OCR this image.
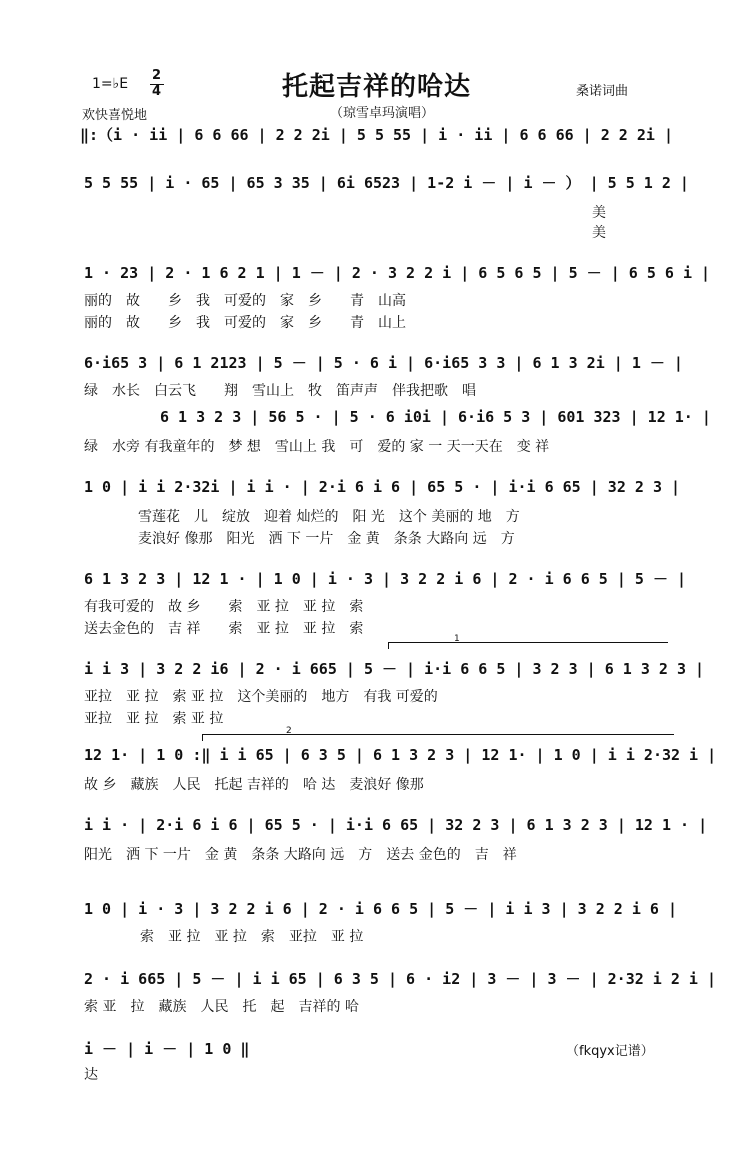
1=♭E
2
4	托起吉祥的哈达
（琼雪卓玛演唱）
桑诺词曲
欢快喜悦地
‖:（i · ii | 6 6 66 | 2 2 2i | 5 5 55 | i · ii | 6 6 66 | 2 2 2i |
5 5 55 | i · 65 | 65 3 35 | 6i 6523 | 1-2 i － | i － ） | 5 5 1 2 |
美
美
1 · 23 | 2 · 1 6 2 1 | 1 － | 2 · 3 2 2 i | 6 5 6 5 | 5 － | 6 5 6 i |
丽的　故　　乡　我　可爱的　家　乡　　青　山高
丽的　故　　乡　我　可爱的　家　乡　　青　山上
6·i65 3 | 6 1 2123 | 5 － | 5 · 6 i | 6·i65 3 3 | 6 1 3 2i | 1 － |
绿　水长　白云飞　　翔　雪山上　牧　笛声声　伴我把歌　唱
6 1 3 2 3 | 56 5 · | 5 · 6 i0i | 6·i6 5 3 | 601 323 | 12 1· |
绿　水旁 有我童年的　梦 想　雪山上 我　可　爱的 家 一 天一天在　变 祥
1 0 | i i 2·32i | i i · | 2·i 6 i 6 | 65 5 · | i·i 6 65 | 32 2 3 |
雪莲花　儿　绽放　迎着 灿烂的　阳 光　这个 美丽的 地　方
麦浪好 像那　阳光　洒 下 一片　金 黄　条条 大路向 远　方
6 1 3 2 3 | 12 1 · | 1 0 | i · 3 | 3 2 2 i 6 | 2 · i 6 6 5 | 5 － |
有我可爱的　故 乡　　索　亚 拉　亚 拉　索
送去金色的　吉 祥　　索　亚 拉　亚 拉　索
1
i i 3 | 3 2 2 i6 | 2 · i 665 | 5 － | i·i 6 6 5 | 3 2 3 | 6 1 3 2 3 |
亚拉　亚 拉　索 亚 拉　这个美丽的　地方　有我 可爱的
亚拉　亚 拉　索 亚 拉
2
12 1· | 1 0 :‖ i i 65 | 6 3 5 | 6 1 3 2 3 | 12 1· | 1 0 | i i 2·32 i |
故 乡　藏族　人民　托起 吉祥的　哈 达　麦浪好 像那
i i · | 2·i 6 i 6 | 65 5 · | i·i 6 65 | 32 2 3 | 6 1 3 2 3 | 12 1 · |
阳光　洒 下 一片　金 黄　条条 大路向 远　方　送去 金色的　吉　祥
1 0 | i · 3 | 3 2 2 i 6 | 2 · i 6 6 5 | 5 － | i i 3 | 3 2 2 i 6 |
索　亚 拉　亚 拉　索　亚拉　亚 拉
2 · i 665 | 5 － | i i 65 | 6 3 5 | 6 · i2 | 3 － | 3 － | 2·32 i 2 i |
索 亚　拉　藏族　人民　托　起　吉祥的 哈
i － | i － | 1 0 ‖
达
（fkqyx记谱）
